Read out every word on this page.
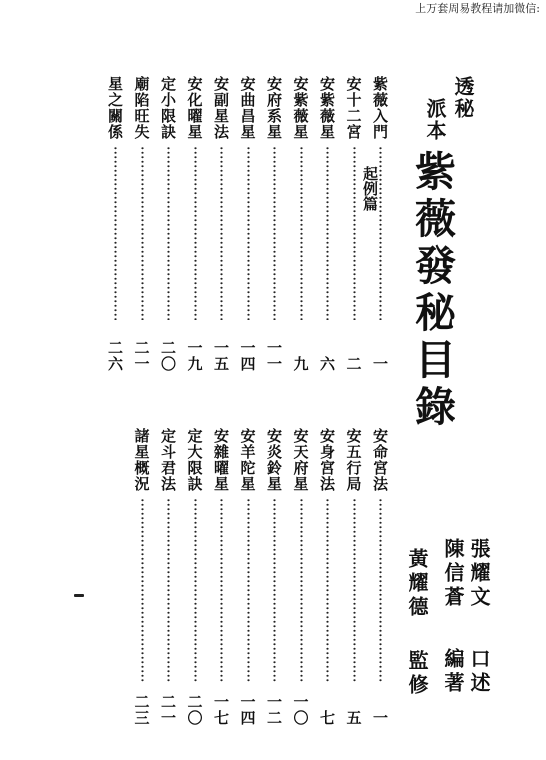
上万套周易教程请加微信:
透秘
派本
紫薇發秘目錄
起例篇
紫薇入門
一
安十二宮
二
安紫薇星
六
安紫薇星
九
安府系星
一一
安曲昌星
一四
安副星法
一五
安化曜星
一九
定小限訣
二〇
廟陷旺失
二一
星之關係
二六
安命宮法
一
安五行局
五
安身宮法
七
安天府星
一〇
安炎鈴星
一二
安羊陀星
一四
安雜曜星
一七
定大限訣
二〇
定斗君法
二一
諸星概況
二三
張耀文
口述
陳信蒼
編著
黃耀德
監修
